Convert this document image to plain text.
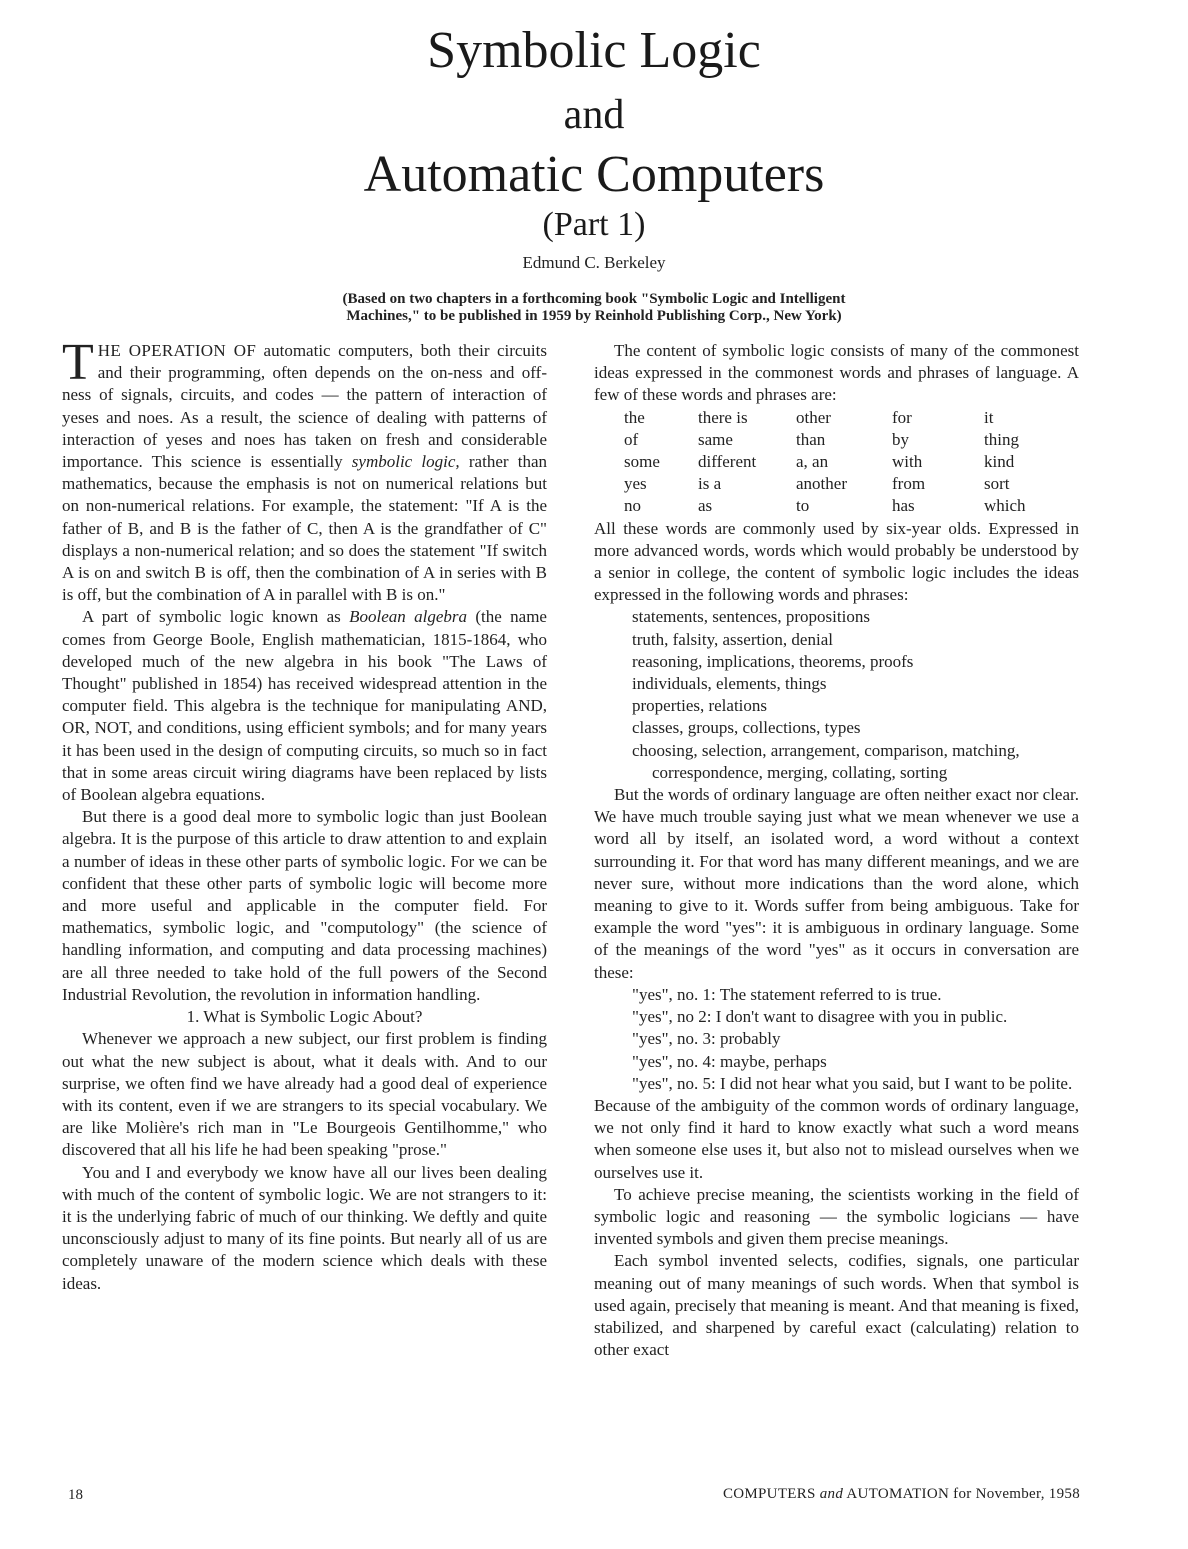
Symbolic Logic
and
Automatic Computers
(Part 1)
Edmund C. Berkeley
(Based on two chapters in a forthcoming book "Symbolic Logic and Intelligent
Machines," to be published in 1959 by Reinhold Publishing Corp., New York)

THE OPERATION OF automatic computers, both their circuits and their programming, often depends on the on-ness and off-ness of signals, circuits, and codes — the pattern of interaction of yeses and noes. As a result, the science of dealing with patterns of interaction of yeses and noes has taken on fresh and considerable importance. This science is essentially symbolic logic, rather than mathematics, because the emphasis is not on numerical relations but on non-numerical relations. For example, the statement: "If A is the father of B, and B is the father of C, then A is the grandfather of C" displays a non-numerical relation; and so does the statement "If switch A is on and switch B is off, then the combination of A in series with B is off, but the combination of A in parallel with B is on."

A part of symbolic logic known as Boolean algebra (the name comes from George Boole, English mathematician, 1815-1864, who developed much of the new algebra in his book "The Laws of Thought" published in 1854) has received widespread attention in the computer field. This algebra is the technique for manipulating AND, OR, NOT, and conditions, using efficient symbols; and for many years it has been used in the design of computing circuits, so much so in fact that in some areas circuit wiring diagrams have been replaced by lists of Boolean algebra equations.

But there is a good deal more to symbolic logic than just Boolean algebra. It is the purpose of this article to draw attention to and explain a number of ideas in these other parts of symbolic logic. For we can be confident that these other parts of symbolic logic will become more and more useful and applicable in the computer field. For mathematics, symbolic logic, and "computology" (the science of handling information, and computing and data processing machines) are all three needed to take hold of the full powers of the Second Industrial Revolution, the revolution in information handling.

1. What is Symbolic Logic About?

Whenever we approach a new subject, our first problem is finding out what the new subject is about, what it deals with. And to our surprise, we often find we have already had a good deal of experience with its content, even if we are strangers to its special vocabulary. We are like Molière's rich man in "Le Bourgeois Gentilhomme," who discovered that all his life he had been speaking "prose."

You and I and everybody we know have all our lives been dealing with much of the content of symbolic logic. We are not strangers to it: it is the underlying fabric of much of our thinking. We deftly and quite unconsciously adjust to many of its fine points. But nearly all of us are completely unaware of the modern science which deals with these ideas.

The content of symbolic logic consists of many of the commonest ideas expressed in the commonest words and phrases of language. A few of these words and phrases are:

the	there is	other	for	it
of	same	than	by	thing
some	different	a, an	with	kind
yes	is a	another	from	sort
no	as	to	has	which

All these words are commonly used by six-year olds. Expressed in more advanced words, words which would probably be understood by a senior in college, the content of symbolic logic includes the ideas expressed in the following words and phrases:

statements, sentences, propositions
truth, falsity, assertion, denial
reasoning, implications, theorems, proofs
individuals, elements, things
properties, relations
classes, groups, collections, types
choosing, selection, arrangement, comparison, matching, correspondence, merging, collating, sorting

But the words of ordinary language are often neither exact nor clear. We have much trouble saying just what we mean whenever we use a word all by itself, an isolated word, a word without a context surrounding it. For that word has many different meanings, and we are never sure, without more indications than the word alone, which meaning to give to it. Words suffer from being ambiguous. Take for example the word "yes": it is ambiguous in ordinary language. Some of the meanings of the word "yes" as it occurs in conversation are these:

"yes", no. 1: The statement referred to is true.
"yes", no 2: I don't want to disagree with you in public.
"yes", no. 3: probably
"yes", no. 4: maybe, perhaps
"yes", no. 5: I did not hear what you said, but I want to be polite.

Because of the ambiguity of the common words of ordinary language, we not only find it hard to know exactly what such a word means when someone else uses it, but also not to mislead ourselves when we ourselves use it.

To achieve precise meaning, the scientists working in the field of symbolic logic and reasoning — the symbolic logicians — have invented symbols and given them precise meanings.

Each symbol invented selects, codifies, signals, one particular meaning out of many meanings of such words. When that symbol is used again, precisely that meaning is meant. And that meaning is fixed, stabilized, and sharpened by careful exact (calculating) relation to other exact

18	COMPUTERS and AUTOMATION for November, 1958
